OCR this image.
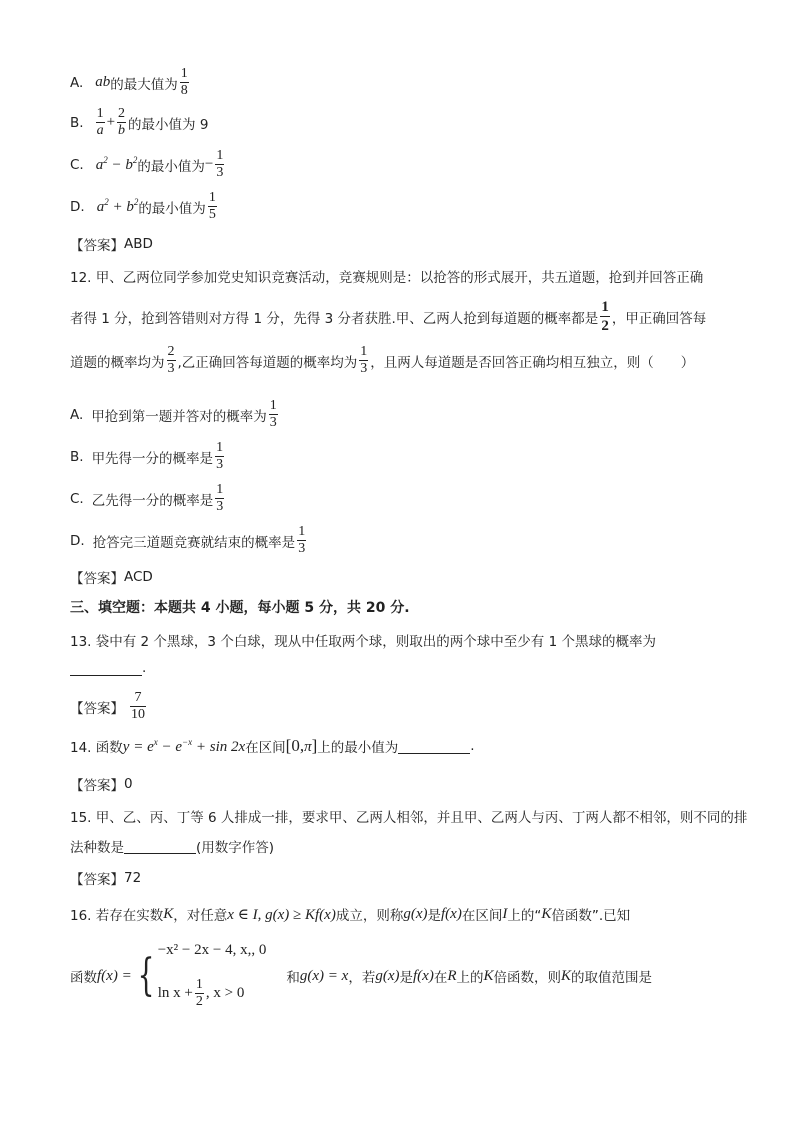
A. ab 的最大值为 $\frac{1}{8}$
B. $\frac{1}{a} + \frac{2}{b}$ 的最小值为 9
C. $a^2 - b^2$ 的最小值为 − $\frac{1}{3}$
D. $a^2 + b^2$ 的最小值为 $\frac{1}{5}$
【答案】 ABD
12. 甲、乙两位同学参加党史知识竞赛活动，竞赛规则是：以抢答的形式展开，共五道题，抢到并回答正确
者得 1 分，抢到答错则对方得 1 分，先得 3 分者获胜.甲、乙两人抢到每道题的概率都是 $\frac{1}{2}$ ，甲正确回答每
道题的概率均为 $\frac{2}{3}$ ,乙正确回答每道题的概率均为 $\frac{1}{3}$ ，且两人每道题是否回答正确均相互独立，则（　　）
A. 甲抢到第一题并答对的概率为 $\frac{1}{3}$
B. 甲先得一分的概率是 $\frac{1}{3}$
C. 乙先得一分的概率是 $\frac{1}{3}$
D. 抢答完三道题竞赛就结束的概率是 $\frac{1}{3}$
【答案】 ACD
三、填空题：本题共 4 小题，每小题 5 分，共 20 分.
13. 袋中有 2 个黑球，3 个白球，现从中任取两个球，则取出的两个球中至少有 1 个黑球的概率为
.
【答案】 $\frac{7}{10}$
14. 函数 $y = e^x - e^{-x} + \sin 2x$ 在区间 [0,π] 上的最小值为	.
【答案】 0
15. 甲、乙、丙、丁等 6 人排成一排，要求甲、乙两人相邻，并且甲、乙两人与丙、丁两人都不相邻，则不同的排
法种数是	(用数字作答)
【答案】 72
16. 若存在实数 K ，对任意 x ∈ I, g(x) ≥ Kf(x) 成立，则称 g(x) 是 f(x) 在区间 I 上的“ K 倍函数”.已知
函数 f(x) = { −x² − 2x − 4, x,, 0
$\ln x + \frac{1}{2}$ , x > 0
和 g(x) = x ，若 g(x) 是 f(x) 在 R 上的 K 倍函数，则 K 的取值范围是
